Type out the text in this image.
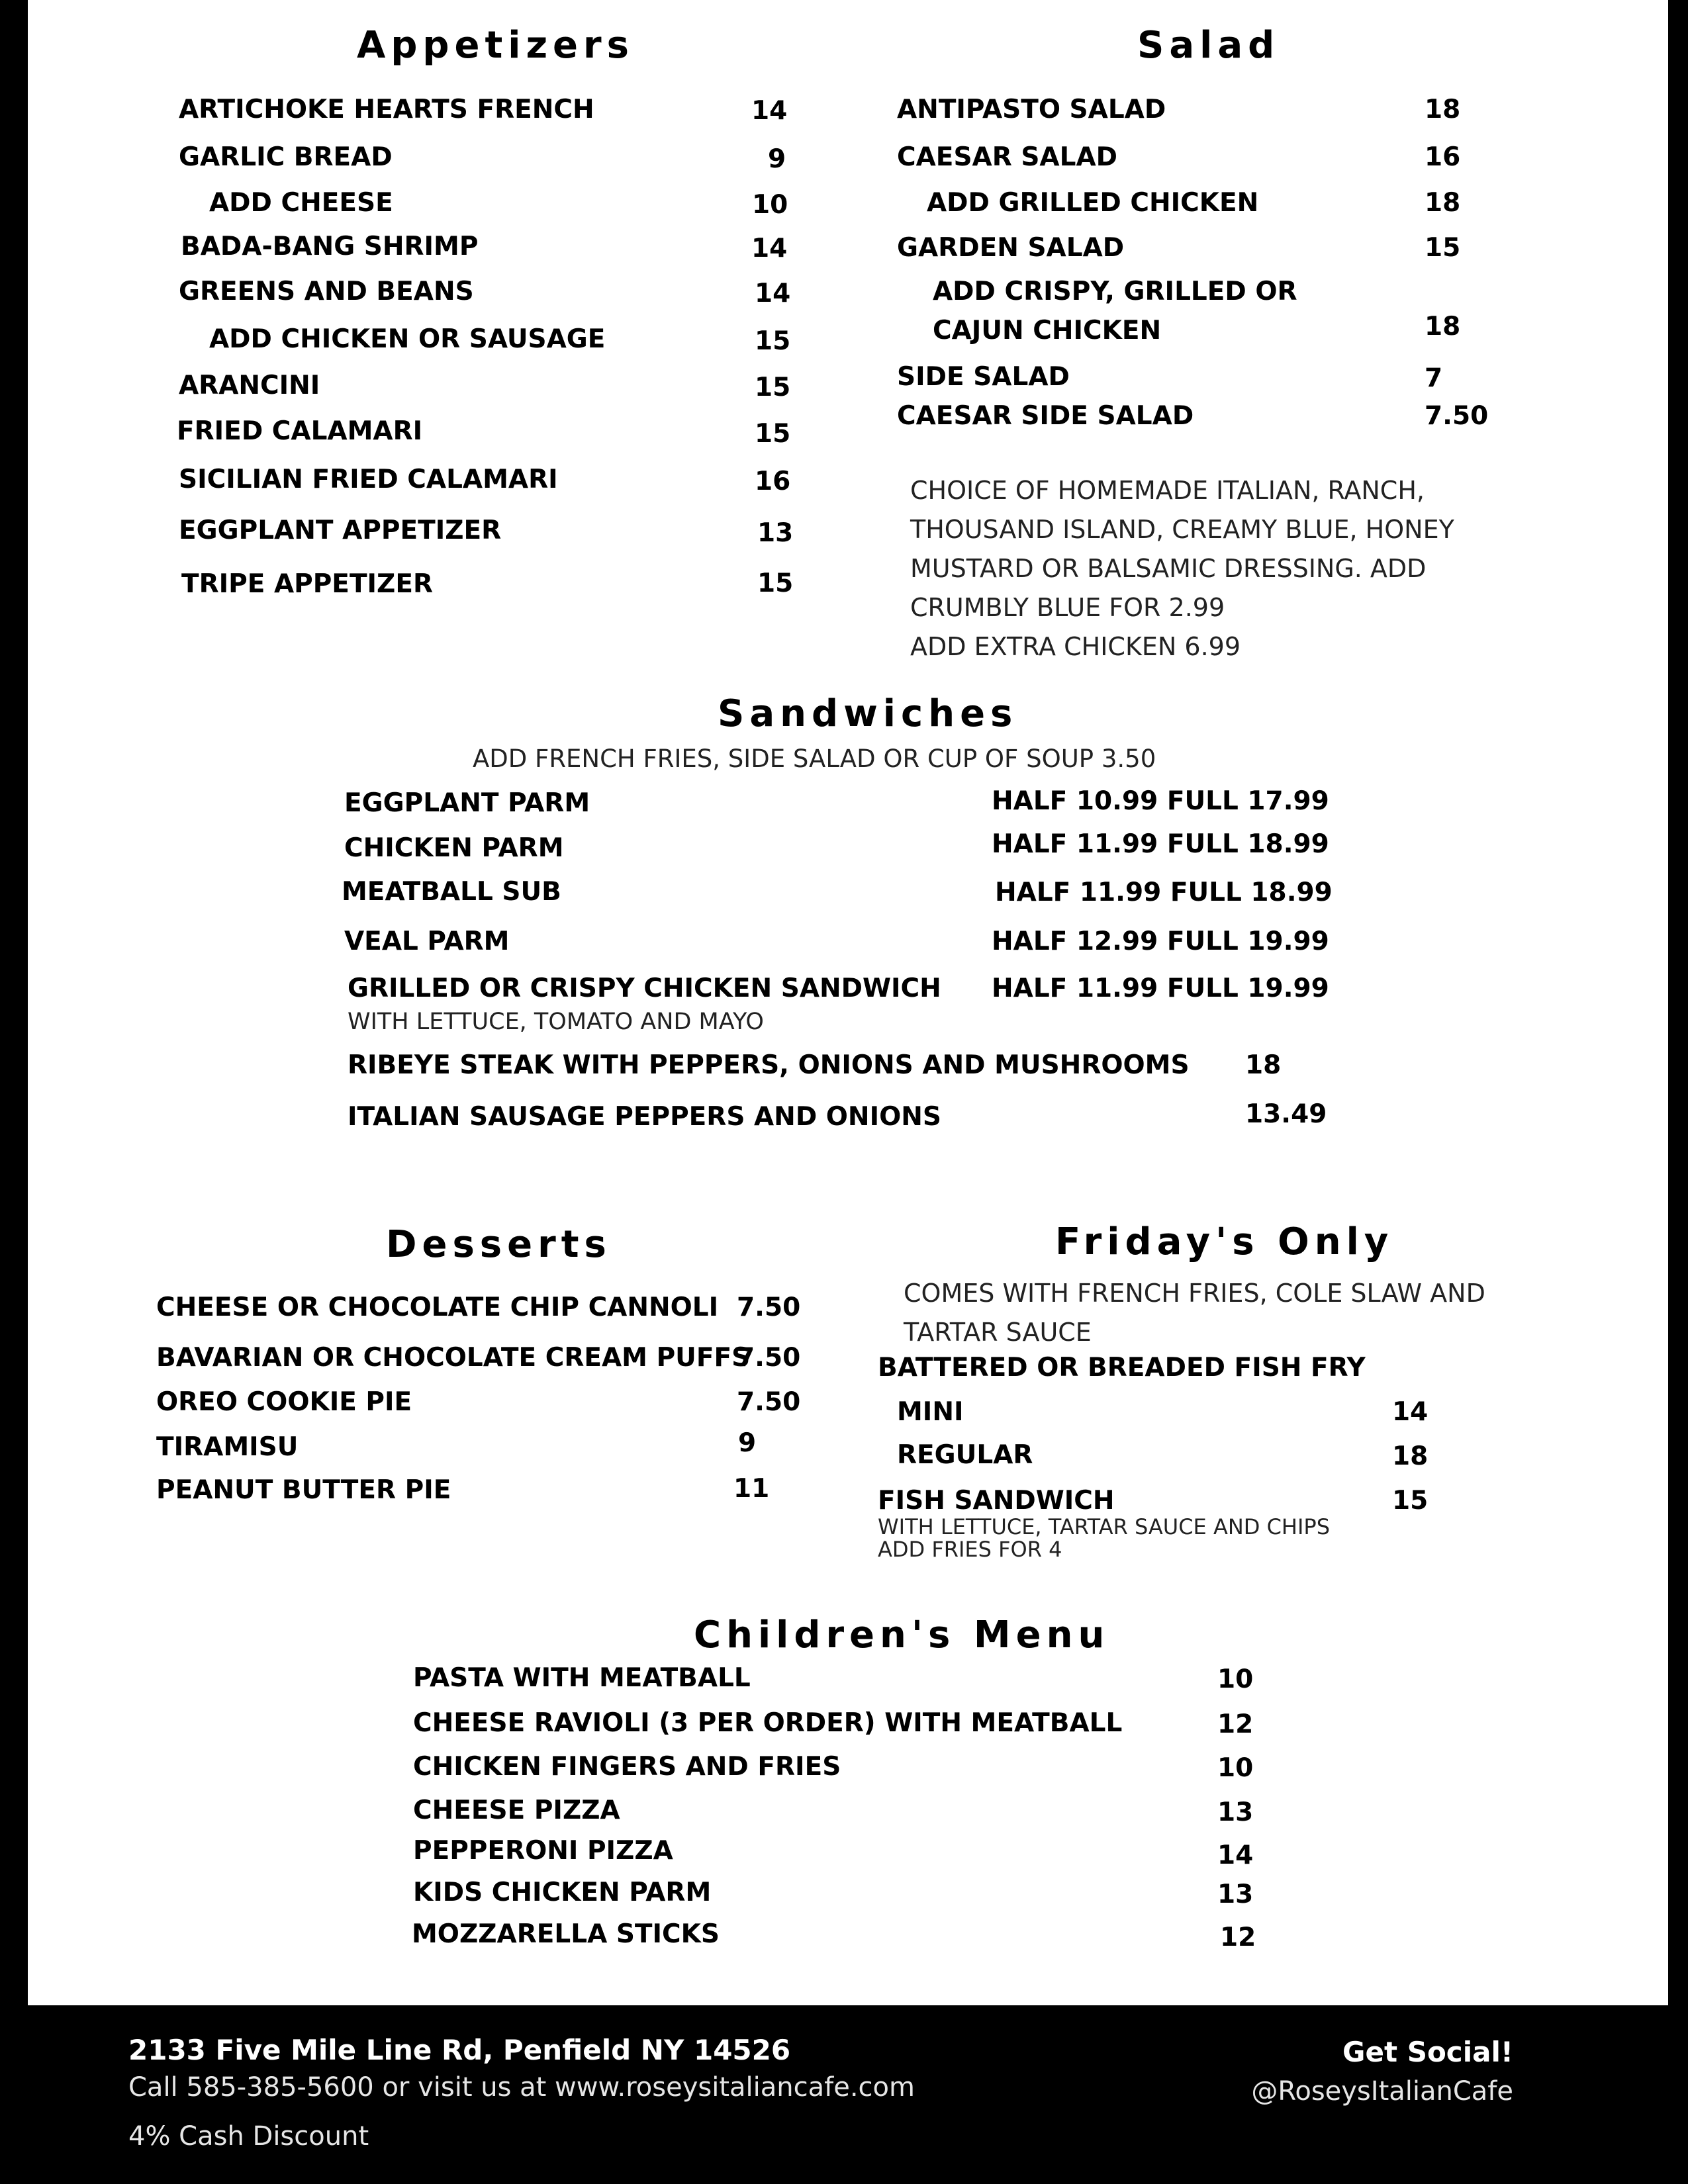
Appetizers
ARTICHOKE HEARTS FRENCH	14
GARLIC BREAD	9
ADD CHEESE	10
BADA-BANG SHRIMP	14
GREENS AND BEANS	14
ADD CHICKEN OR SAUSAGE	15
ARANCINI	15
FRIED CALAMARI	15
SICILIAN FRIED CALAMARI	16
EGGPLANT APPETIZER	13
TRIPE APPETIZER	15
Salad
ANTIPASTO SALAD	18
CAESAR SALAD	16
ADD GRILLED CHICKEN	18
GARDEN SALAD	15
ADD CRISPY, GRILLED OR
CAJUN CHICKEN	18
SIDE SALAD	7
CAESAR SIDE SALAD	7.50
CHOICE OF HOMEMADE ITALIAN, RANCH,
THOUSAND ISLAND, CREAMY BLUE, HONEY
MUSTARD OR BALSAMIC DRESSING. ADD
CRUMBLY BLUE FOR 2.99
ADD EXTRA CHICKEN 6.99
Sandwiches
ADD FRENCH FRIES, SIDE SALAD OR CUP OF SOUP 3.50
EGGPLANT PARM	HALF 10.99 FULL 17.99
CHICKEN PARM	HALF 11.99 FULL 18.99
MEATBALL SUB	HALF 11.99 FULL 18.99
VEAL PARM	HALF 12.99 FULL 19.99
GRILLED OR CRISPY CHICKEN SANDWICH HALF 11.99 FULL 19.99
WITH LETTUCE, TOMATO AND MAYO
RIBEYE STEAK WITH PEPPERS, ONIONS AND MUSHROOMS 18
ITALIAN SAUSAGE PEPPERS AND ONIONS	13.49
Desserts
CHEESE OR CHOCOLATE CHIP CANNOLI 7.50
BAVARIAN OR CHOCOLATE CREAM PUFFS
7.50
OREO COOKIE PIE	7.50
TIRAMISU	9
PEANUT BUTTER PIE	11
Friday's Only
COMES WITH FRENCH FRIES, COLE SLAW AND
TARTAR SAUCE
BATTERED OR BREADED FISH FRY
MINI	14
REGULAR	18
FISH SANDWICH	15
WITH LETTUCE, TARTAR SAUCE AND CHIPS
ADD FRIES FOR 4
Children's Menu
PASTA WITH MEATBALL	10
CHEESE RAVIOLI (3 PER ORDER) WITH MEATBALL	12
CHICKEN FINGERS AND FRIES	10
CHEESE PIZZA	13
PEPPERONI PIZZA	14
KIDS CHICKEN PARM	13
MOZZARELLA STICKS	12
2133 Five Mile Line Rd, Penfield NY 14526
Call 585-385-5600 or visit us at www.roseysitaliancafe.com
4% Cash Discount
Get Social!
@RoseysItalianCafe
